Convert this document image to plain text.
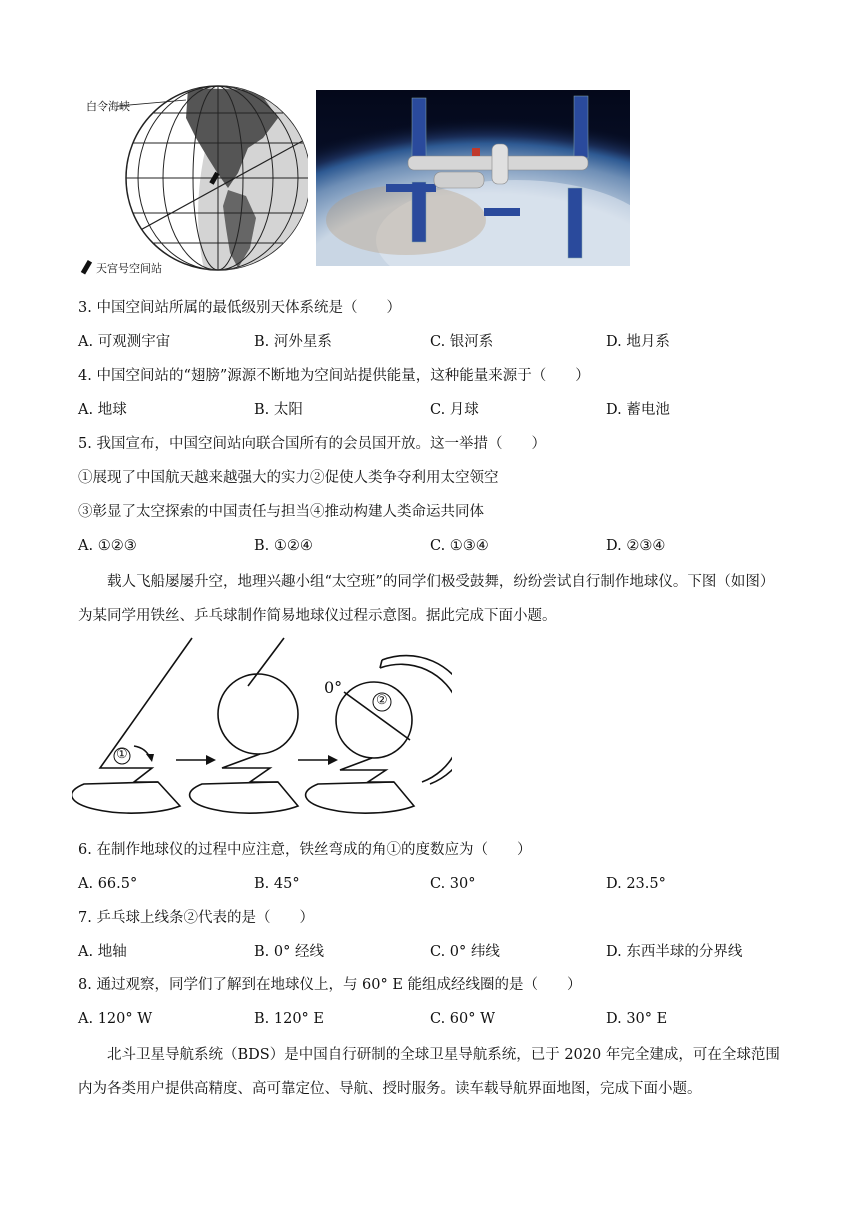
白令海峡
天宫号空间站
3. 中国空间站所属的最低级别天体系统是（　　）
A. 可观测宇宙	B. 河外星系	C. 银河系	D. 地月系
4. 中国空间站的“翅膀”源源不断地为空间站提供能量，这种能量来源于（　　）
A. 地球	B. 太阳	C. 月球	D. 蓄电池
5. 我国宣布，中国空间站向联合国所有的会员国开放。这一举措（　　）
①展现了中国航天越来越强大的实力②促使人类争夺利用太空领空
③彰显了太空探索的中国责任与担当④推动构建人类命运共同体
A. ①②③	B. ①②④	C. ①③④	D. ②③④
载人飞船屡屡升空，地理兴趣小组“太空班”的同学们极受鼓舞，纷纷尝试自行制作地球仪。下图（如图）为某同学用铁丝、乒乓球制作简易地球仪过程示意图。据此完成下面小题。
①
②
0°
6. 在制作地球仪的过程中应注意，铁丝弯成的角①的度数应为（　　）
A. 66.5°	B. 45°	C. 30°	D. 23.5°
7. 乒乓球上线条②代表的是（　　）
A. 地轴	B. 0° 经线	C. 0° 纬线	D. 东西半球的分界线
8. 通过观察，同学们了解到在地球仪上，与 60° E 能组成经线圈的是（　　）
A. 120° W	B. 120° E	C. 60° W	D. 30° E
北斗卫星导航系统（BDS）是中国自行研制的全球卫星导航系统，已于 2020 年完全建成，可在全球范围内为各类用户提供高精度、高可靠定位、导航、授时服务。读车载导航界面地图，完成下面小题。
